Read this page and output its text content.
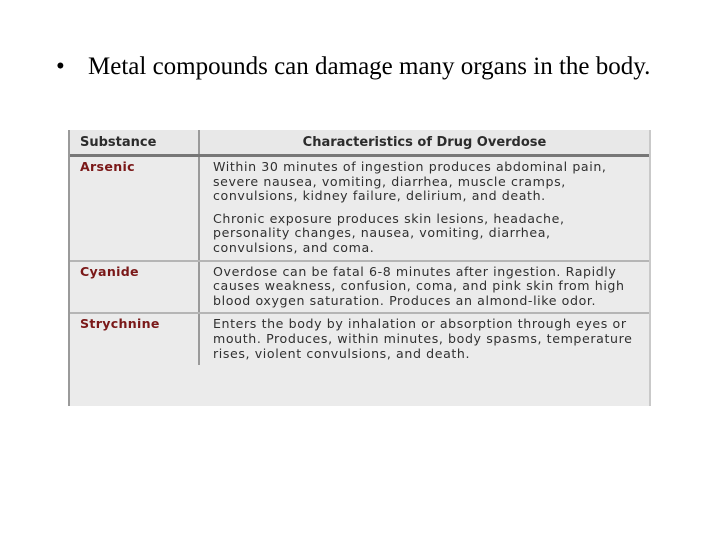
• Metal compounds can damage many organs in the body.
Substance	Characteristics of Drug Overdose
Arsenic	Within 30 minutes of ingestion produces abdominal pain, severe nausea, vomiting, diarrhea, muscle cramps, convulsions, kidney failure, delirium, and death.

Chronic exposure produces skin lesions, headache, personality changes, nausea, vomiting, diarrhea, convulsions, and coma.

Cyanide	Overdose can be fatal 6-8 minutes after ingestion. Rapidly causes weakness, confusion, coma, and pink skin from high blood oxygen saturation. Produces an almond-like odor.

Strychnine	Enters the body by inhalation or absorption through eyes or mouth. Produces, within minutes, body spasms, temperature rises, violent convulsions, and death.
